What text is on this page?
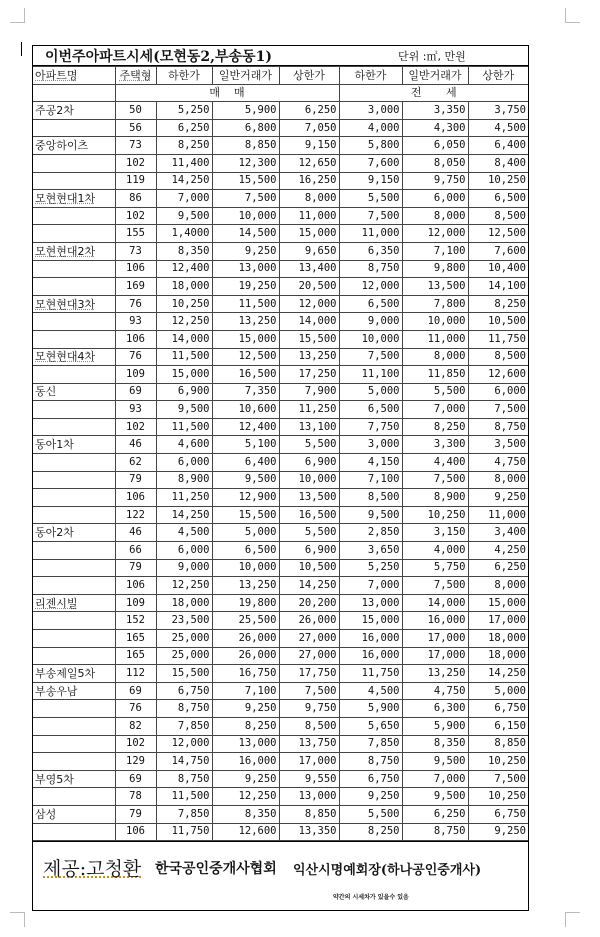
이번주아파트시세(모현동2,부송동1)	단위 :㎡, 만원
아파트명	주택형	하한가	일반거래가	상한가	하한가	일반거래가	상한가
	매    매				전       세		
주공2차	50	5,250	5,900	6,250	3,000	3,350	3,750
	56	6,250	6,800	7,050	4,000	4,300	4,500
중앙하이츠	73	8,250	8,850	9,150	5,800	6,050	6,400
	102	11,400	12,300	12,650	7,600	8,050	8,400
	119	14,250	15,500	16,250	9,150	9,750	10,250
모현현대1차	86	7,000	7,500	8,000	5,500	6,000	6,500
	102	9,500	10,000	11,000	7,500	8,000	8,500
	155	1,4000	14,500	15,000	11,000	12,000	12,500
모현현대2차	73	8,350	9,250	9,650	6,350	7,100	7,600
	106	12,400	13,000	13,400	8,750	9,800	10,400
	169	18,000	19,250	20,500	12,000	13,500	14,100
모현현대3차	76	10,250	11,500	12,000	6,500	7,800	8,250
	93	12,250	13,250	14,000	9,000	10,000	10,500
	106	14,000	15,000	15,500	10,000	11,000	11,750
모현현대4차	76	11,500	12,500	13,250	7,500	8,000	8,500
	109	15,000	16,500	17,250	11,100	11,850	12,600
동신	69	6,900	7,350	7,900	5,000	5,500	6,000
	93	9,500	10,600	11,250	6,500	7,000	7,500
	102	11,500	12,400	13,100	7,750	8,250	8,750
동아1차	46	4,600	5,100	5,500	3,000	3,300	3,500
	62	6,000	6,400	6,900	4,150	4,400	4,750
	79	8,900	9,500	10,000	7,100	7,500	8,000
	106	11,250	12,900	13,500	8,500	8,900	9,250
	122	14,250	15,500	16,500	9,500	10,250	11,000
동아2차	46	4,500	5,000	5,500	2,850	3,150	3,400
	66	6,000	6,500	6,900	3,650	4,000	4,250
	79	9,000	10,000	10,500	5,250	5,750	6,250
	106	12,250	13,250	14,250	7,000	7,500	8,000
리젠시빌	109	18,000	19,800	20,200	13,000	14,000	15,000
	152	23,500	25,500	26,000	15,000	16,000	17,000
	165	25,000	26,000	27,000	16,000	17,000	18,000
	165	25,000	26,000	27,000	16,000	17,000	18,000
부송제일5차	112	15,500	16,750	17,750	11,750	13,250	14,250
부송우남	69	6,750	7,100	7,500	4,500	4,750	5,000
	76	8,750	9,250	9,750	5,900	6,300	6,750
	82	7,850	8,250	8,500	5,650	5,900	6,150
	102	12,000	13,000	13,750	7,850	8,350	8,850
	129	14,750	16,000	17,000	8,750	9,500	10,250
부영5차	69	8,750	9,250	9,550	6,750	7,000	7,500
	78	11,500	12,250	13,000	9,250	9,500	10,250
삼성	79	7,850	8,350	8,850	5,500	6,250	6,750
	106	11,750	12,600	13,350	8,250	8,750	9,250
제공:고청환 한국공인중개사협회 익산시명예회장(하나공인중개사)
약간의 시세차가 있을수 있음
